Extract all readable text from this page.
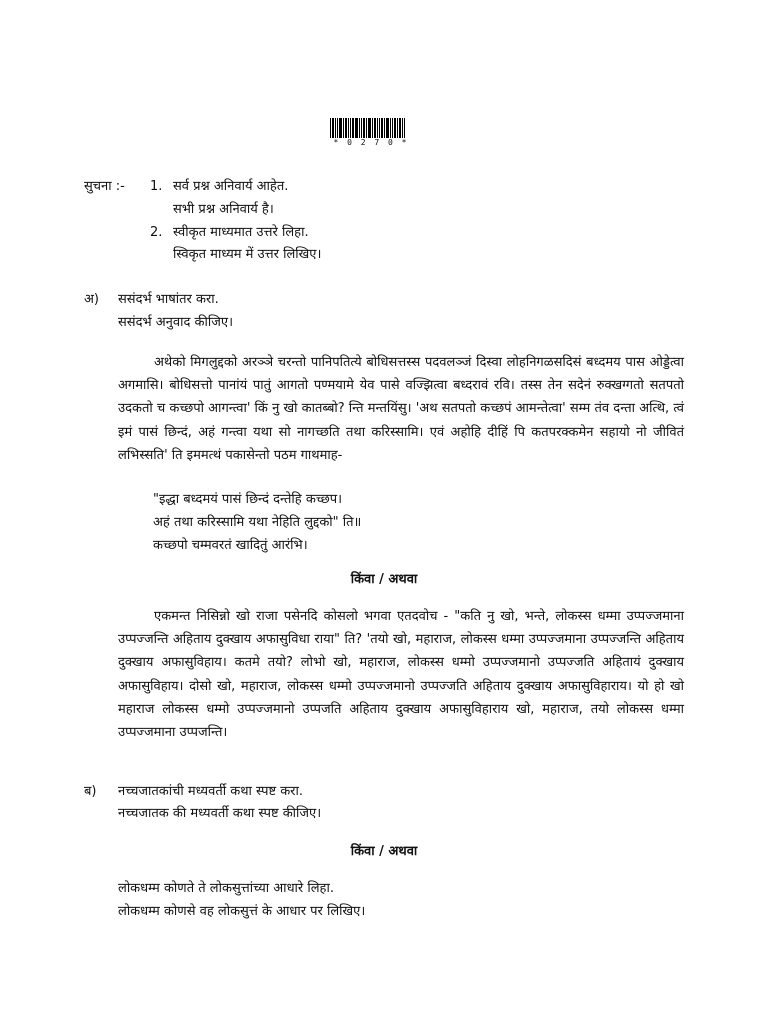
* 0 2 7 0 *
सुचना :- 1. सर्व प्रश्न अनिवार्य आहेत.
सभी प्रश्न अनिवार्य है।
2. स्वीकृत माध्यमात उत्तरे लिहा.
स्विकृत माध्यम में उत्तर लिखिए।
अ) ससंदर्भ भाषांतर करा.
ससंदर्भ अनुवाद कीजिए।

अथेको मिगलुद्दको अरञ्ञे चरन्तो पानिपतित्ये बोधिसत्तस्स पदवलञ्जं दिस्वा लोहनिगळसदिसं बध्दमय पास ओड्डेत्वा अगमासि। बोधिसत्तो पानांयं पातुं आगतो पण्मयामे येव पासे वज्झित्वा बध्दरावं रवि। तस्स तेन सदेनं रुक्खग्गतो सतपतो उदकतो च कच्छपो आगन्त्वा' किं नु खो कातब्बो? न्ति मन्तयिंसु। 'अथ सतपतो कच्छपं आमन्तेत्वा' सम्म तंव दन्ता अत्थि, त्वं इमं पासं छिन्दं, अहं गन्त्वा यथा सो नागच्छति तथा करिस्सामि। एवं अहोहि दीहिं पि कतपरक्कमेन सहायो नो जीवितं लभिस्सति' ति इममत्थं पकासेन्तो पठम गाथमाह-

"इद्धा बध्दमयं पासं छिन्दं दन्तेहि कच्छप।
अहं तथा करिस्सामि यथा नेहिति लुद्दको" ति॥
कच्छपो चम्मवरतं खादितुं आरंभि।
किंवा / अथवा

एकमन्त निसिन्नो खो राजा पसेनदि कोसलो भगवा एतदवोच - "कति नु खो, भन्ते, लोकस्स धम्मा उप्पज्जमाना उप्पज्जन्ति अहिताय दुक्खाय अफासुविधा राया" ति? 'तयो खो, महाराज, लोकस्स धम्मा उप्पज्जमाना उप्पज्जन्ति अहिताय दुक्खाय अफासुविहाय। कतमे तयो? लोभो खो, महाराज, लोकस्स धम्मो उप्पज्जमानो उप्पज्जति अहितायं दुक्खाय अफासुविहाय। दोसो खो, महाराज, लोकस्स धम्मो उप्पज्जमानो उप्पज्जति अहिताय दुक्खाय अफासुविहाराय। यो हो खो महाराज लोकस्स धम्मो उप्पज्जमानो उप्पजति अहिताय दुक्खाय अफासुविहाराय खो, महाराज, तयो लोकस्स धम्मा उप्पज्जमाना उप्पजन्ति।

ब) नच्चजातकांची मध्यवर्ती कथा स्पष्ट करा.
नच्चजातक की मध्यवर्ती कथा स्पष्ट कीजिए।
किंवा / अथवा
लोकधम्म कोणते ते लोकसुत्तांच्या आधारे लिहा.
लोकधम्म कोणसे वह लोकसुत्तं के आधार पर लिखिए।
